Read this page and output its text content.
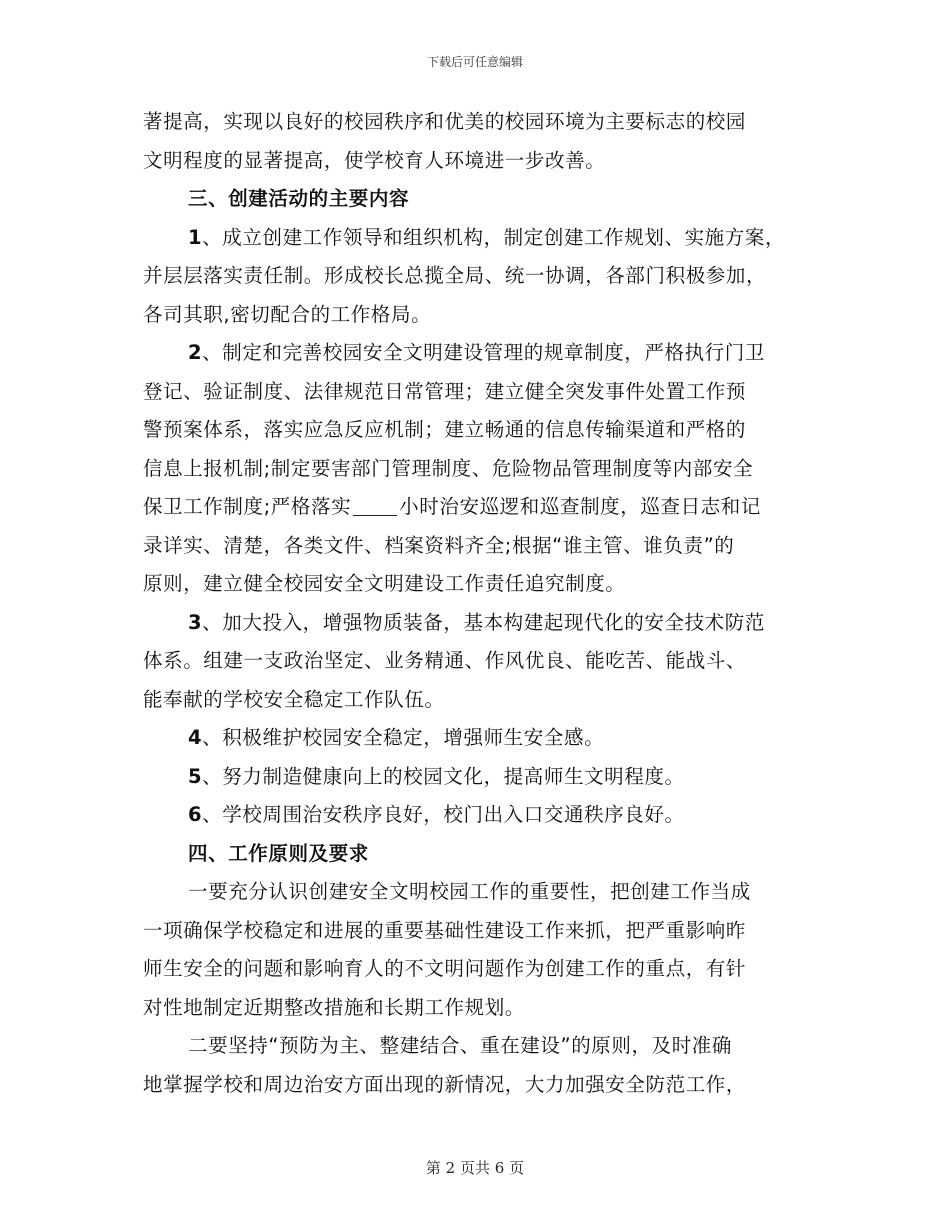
下载后可任意编辑
著提高，实现以良好的校园秩序和优美的校园环境为主要标志的校园
文明程度的显著提高，使学校育人环境进一步改善。
三、创建活动的主要内容
1、成立创建工作领导和组织机构，制定创建工作规划、实施方案，
并层层落实责任制。形成校长总揽全局、统一协调，各部门积极参加，
各司其职,密切配合的工作格局。
2、制定和完善校园安全文明建设管理的规章制度，严格执行门卫
登记、验证制度、法律规范日常管理；建立健全突发事件处置工作预
警预案体系，落实应急反应机制；建立畅通的信息传输渠道和严格的
信息上报机制;制定要害部门管理制度、危险物品管理制度等内部安全
保卫工作制度;严格落实 小时治安巡逻和巡查制度，巡查日志和记
录详实、清楚，各类文件、档案资料齐全;根据“谁主管、谁负责”的
原则，建立健全校园安全文明建设工作责任追究制度。
3、加大投入，增强物质装备，基本构建起现代化的安全技术防范
体系。组建一支政治坚定、业务精通、作风优良、能吃苦、能战斗、
能奉献的学校安全稳定工作队伍。
4、积极维护校园安全稳定，增强师生安全感。
5、努力制造健康向上的校园文化，提高师生文明程度。
6、学校周围治安秩序良好，校门出入口交通秩序良好。
四、工作原则及要求
一要充分认识创建安全文明校园工作的重要性，把创建工作当成
一项确保学校稳定和进展的重要基础性建设工作来抓，把严重影响昨
师生安全的问题和影响育人的不文明问题作为创建工作的重点，有针
对性地制定近期整改措施和长期工作规划。
二要坚持“预防为主、整建结合、重在建设”的原则，及时准确
地掌握学校和周边治安方面出现的新情况，大力加强安全防范工作，
第 2 页共 6 页
